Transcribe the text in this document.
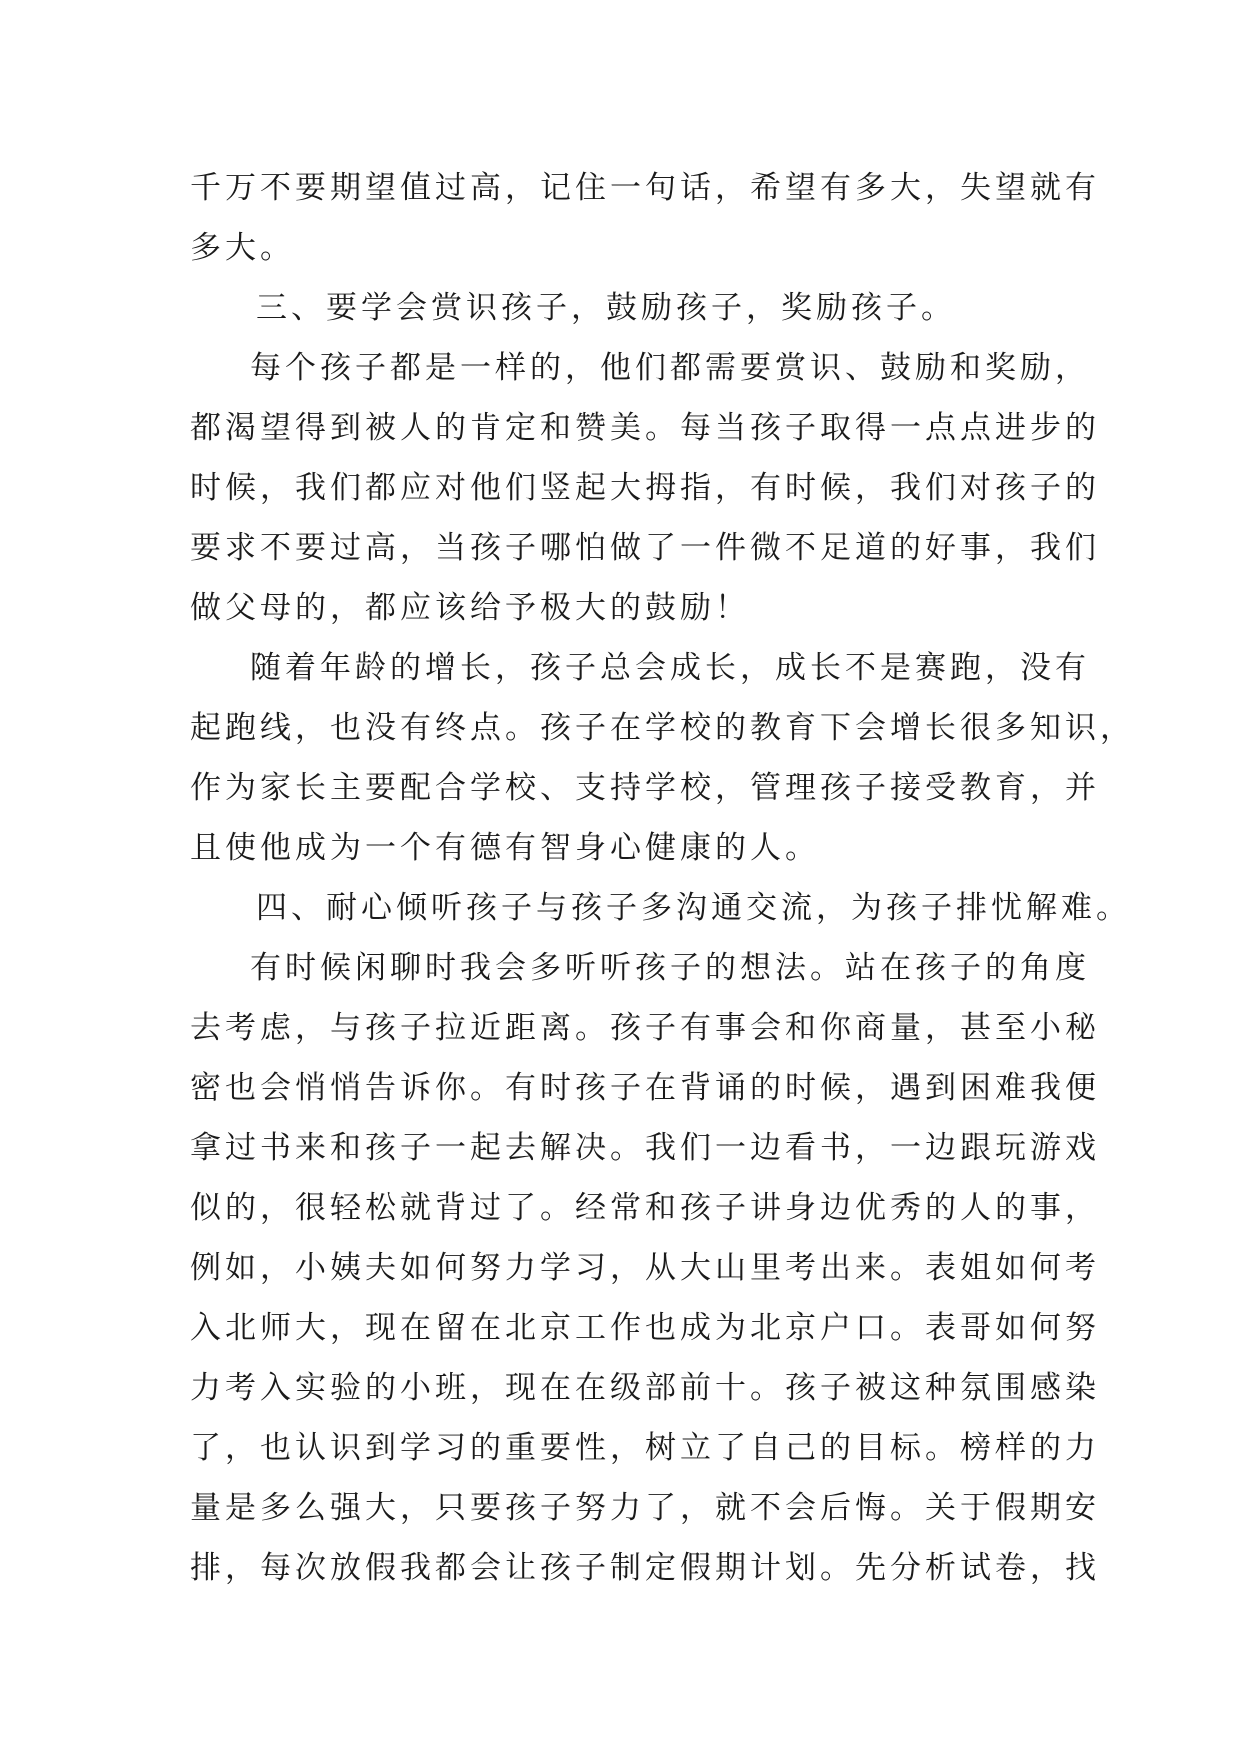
千万不要期望值过高，记住一句话，希望有多大，失望就有
多大。
三、要学会赏识孩子，鼓励孩子，奖励孩子。
每个孩子都是一样的，他们都需要赏识、鼓励和奖励，
都渴望得到被人的肯定和赞美。每当孩子取得一点点进步的
时候，我们都应对他们竖起大拇指，有时候，我们对孩子的
要求不要过高，当孩子哪怕做了一件微不足道的好事，我们
做父母的，都应该给予极大的鼓励！
随着年龄的增长，孩子总会成长，成长不是赛跑，没有
起跑线，也没有终点。孩子在学校的教育下会增长很多知识，
作为家长主要配合学校、支持学校，管理孩子接受教育，并
且使他成为一个有德有智身心健康的人。
四、耐心倾听孩子与孩子多沟通交流，为孩子排忧解难。
有时候闲聊时我会多听听孩子的想法。站在孩子的角度
去考虑，与孩子拉近距离。孩子有事会和你商量，甚至小秘
密也会悄悄告诉你。有时孩子在背诵的时候，遇到困难我便
拿过书来和孩子一起去解决。我们一边看书，一边跟玩游戏
似的，很轻松就背过了。经常和孩子讲身边优秀的人的事，
例如，小姨夫如何努力学习，从大山里考出来。表姐如何考
入北师大，现在留在北京工作也成为北京户口。表哥如何努
力考入实验的小班，现在在级部前十。孩子被这种氛围感染
了，也认识到学习的重要性，树立了自己的目标。榜样的力
量是多么强大，只要孩子努力了，就不会后悔。关于假期安
排，每次放假我都会让孩子制定假期计划。先分析试卷，找
